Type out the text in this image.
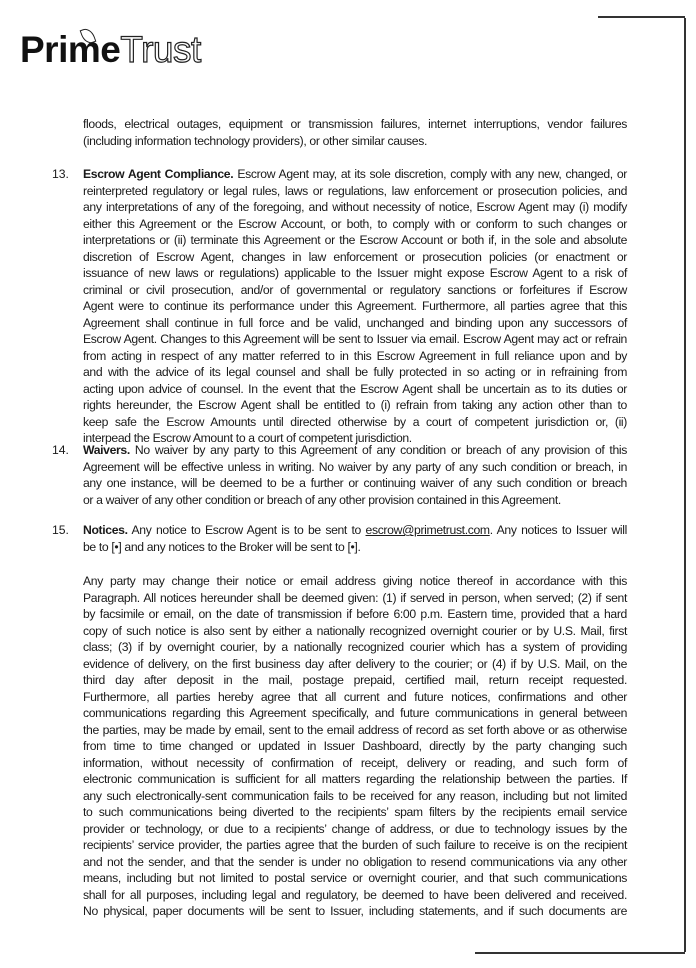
PrimeTrust
floods, electrical outages, equipment or transmission failures, internet interruptions, vendor failures
(including information technology providers), or other similar causes.
13. Escrow Agent Compliance. Escrow Agent may, at its sole discretion, comply with any new, changed, or
reinterpreted regulatory or legal rules, laws or regulations, law enforcement or prosecution policies, and
any interpretations of any of the foregoing, and without necessity of notice, Escrow Agent may (i) modify
either this Agreement or the Escrow Account, or both, to comply with or conform to such changes or
interpretations or (ii) terminate this Agreement or the Escrow Account or both if, in the sole and absolute
discretion of Escrow Agent, changes in law enforcement or prosecution policies (or enactment or
issuance of new laws or regulations) applicable to the Issuer might expose Escrow Agent to a risk of
criminal or civil prosecution, and/or of governmental or regulatory sanctions or forfeitures if Escrow
Agent were to continue its performance under this Agreement. Furthermore, all parties agree that this
Agreement shall continue in full force and be valid, unchanged and binding upon any successors of
Escrow Agent. Changes to this Agreement will be sent to Issuer via email. Escrow Agent may act or refrain
from acting in respect of any matter referred to in this Escrow Agreement in full reliance upon and by
and with the advice of its legal counsel and shall be fully protected in so acting or in refraining from
acting upon advice of counsel. In the event that the Escrow Agent shall be uncertain as to its duties or
rights hereunder, the Escrow Agent shall be entitled to (i) refrain from taking any action other than to
keep safe the Escrow Amounts until directed otherwise by a court of competent jurisdiction or, (ii)
interpead the Escrow Amount to a court of competent jurisdiction.
14. Waivers. No waiver by any party to this Agreement of any condition or breach of any provision of this
Agreement will be effective unless in writing. No waiver by any party of any such condition or breach, in
any one instance, will be deemed to be a further or continuing waiver of any such condition or breach
or a waiver of any other condition or breach of any other provision contained in this Agreement.
15. Notices. Any notice to Escrow Agent is to be sent to escrow@primetrust.com. Any notices to Issuer will
be to [•] and any notices to the Broker will be sent to [•].
Any party may change their notice or email address giving notice thereof in accordance with this
Paragraph. All notices hereunder shall be deemed given: (1) if served in person, when served; (2) if sent
by facsimile or email, on the date of transmission if before 6:00 p.m. Eastern time, provided that a hard
copy of such notice is also sent by either a nationally recognized overnight courier or by U.S. Mail, first
class; (3) if by overnight courier, by a nationally recognized courier which has a system of providing
evidence of delivery, on the first business day after delivery to the courier; or (4) if by U.S. Mail, on the
third day after deposit in the mail, postage prepaid, certified mail, return receipt requested.
Furthermore, all parties hereby agree that all current and future notices, confirmations and other
communications regarding this Agreement specifically, and future communications in general between
the parties, may be made by email, sent to the email address of record as set forth above or as otherwise
from time to time changed or updated in Issuer Dashboard, directly by the party changing such
information, without necessity of confirmation of receipt, delivery or reading, and such form of
electronic communication is sufficient for all matters regarding the relationship between the parties. If
any such electronically-sent communication fails to be received for any reason, including but not limited
to such communications being diverted to the recipients’ spam filters by the recipients email service
provider or technology, or due to a recipients’ change of address, or due to technology issues by the
recipients’ service provider, the parties agree that the burden of such failure to receive is on the recipient
and not the sender, and that the sender is under no obligation to resend communications via any other
means, including but not limited to postal service or overnight courier, and that such communications
shall for all purposes, including legal and regulatory, be deemed to have been delivered and received.
No physical, paper documents will be sent to Issuer, including statements, and if such documents are
